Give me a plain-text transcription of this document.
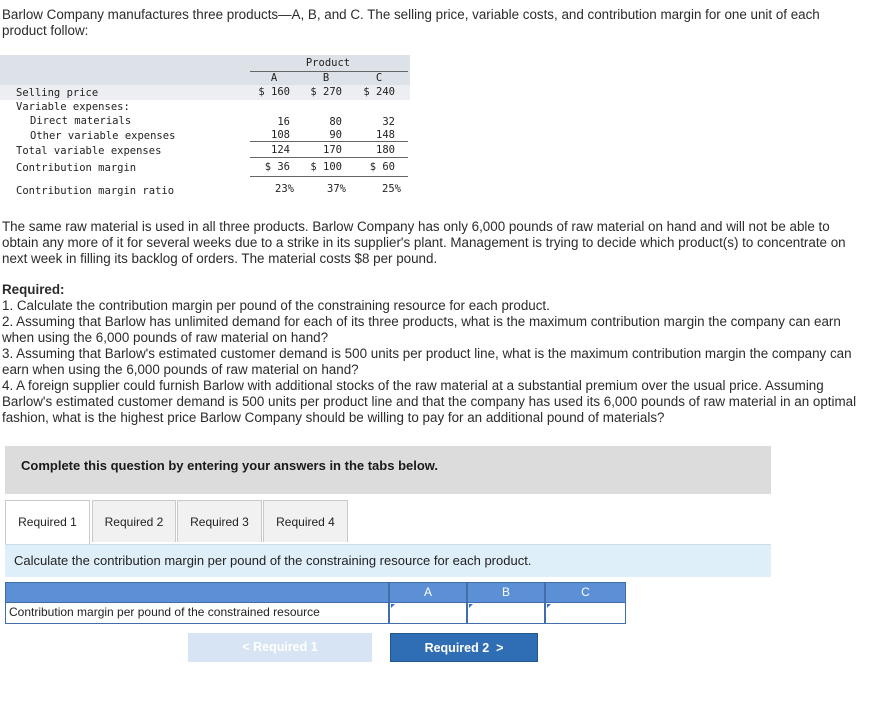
Barlow Company manufactures three products—A, B, and C. The selling price, variable costs, and contribution margin for one unit of each product follow:
Product
A	B	C
Selling price	$ 160	$ 270	$ 240
Variable expenses:
Direct materials	16	80	32
Other variable expenses	108	90	148
Total variable expenses	124	170	180
Contribution margin	$ 36	$ 100	$ 60
Contribution margin ratio	23%	37%	25%
The same raw material is used in all three products. Barlow Company has only 6,000 pounds of raw material on hand and will not be able to obtain any more of it for several weeks due to a strike in its supplier's plant. Management is trying to decide which product(s) to concentrate on next week in filling its backlog of orders. The material costs $8 per pound.
Required:
1. Calculate the contribution margin per pound of the constraining resource for each product.
2. Assuming that Barlow has unlimited demand for each of its three products, what is the maximum contribution margin the company can earn when using the 6,000 pounds of raw material on hand?
3. Assuming that Barlow's estimated customer demand is 500 units per product line, what is the maximum contribution margin the company can earn when using the 6,000 pounds of raw material on hand?
4. A foreign supplier could furnish Barlow with additional stocks of the raw material at a substantial premium over the usual price. Assuming Barlow's estimated customer demand is 500 units per product line and that the company has used its 6,000 pounds of raw material in an optimal fashion, what is the highest price Barlow Company should be willing to pay for an additional pound of materials?
Complete this question by entering your answers in the tabs below.
Required 1	Required 2	Required 3	Required 4
Calculate the contribution margin per pound of the constraining resource for each product.
A	B	C
Contribution margin per pound of the constrained resource
< Required 1	Required 2  >
